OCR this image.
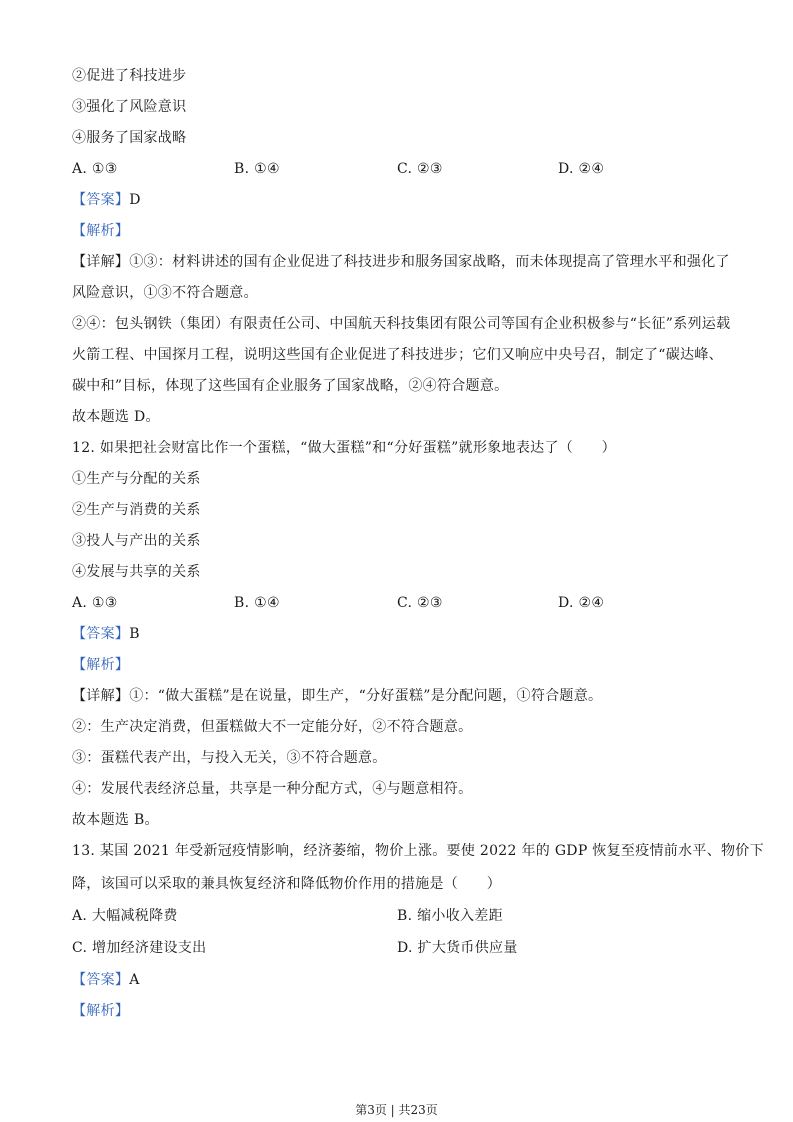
②促进了科技进步
③强化了风险意识
④服务了国家战略
A. ①③	B. ①④	C. ②③	D. ②④
【答案】D
【解析】
【详解】①③：材料讲述的国有企业促进了科技进步和服务国家战略，而未体现提高了管理水平和强化了
风险意识，①③不符合题意。
②④：包头钢铁（集团）有限责任公司、中国航天科技集团有限公司等国有企业积极参与“长征”系列运载
火箭工程、中国探月工程，说明这些国有企业促进了科技进步；它们又响应中央号召，制定了“碳达峰、
碳中和”目标，体现了这些国有企业服务了国家战略，②④符合题意。
故本题选 D。
12. 如果把社会财富比作一个蛋糕，“做大蛋糕”和“分好蛋糕”就形象地表达了（　　）
①生产与分配的关系
②生产与消费的关系
③投人与产出的关系
④发展与共享的关系
A. ①③	B. ①④	C. ②③	D. ②④
【答案】B
【解析】
【详解】①：“做大蛋糕”是在说量，即生产，“分好蛋糕”是分配问题，①符合题意。
②：生产决定消费，但蛋糕做大不一定能分好，②不符合题意。
③：蛋糕代表产出，与投入无关，③不符合题意。
④：发展代表经济总量，共享是一种分配方式，④与题意相符。
故本题选 B。
13. 某国 2021 年受新冠疫情影响，经济萎缩，物价上涨。要使 2022 年的 GDP 恢复至疫情前水平、物价下
降，该国可以采取的兼具恢复经济和降低物价作用的措施是（　　）
A. 大幅减税降费	B. 缩小收入差距
C. 增加经济建设支出	D. 扩大货币供应量
【答案】A
【解析】
第3页 | 共23页
